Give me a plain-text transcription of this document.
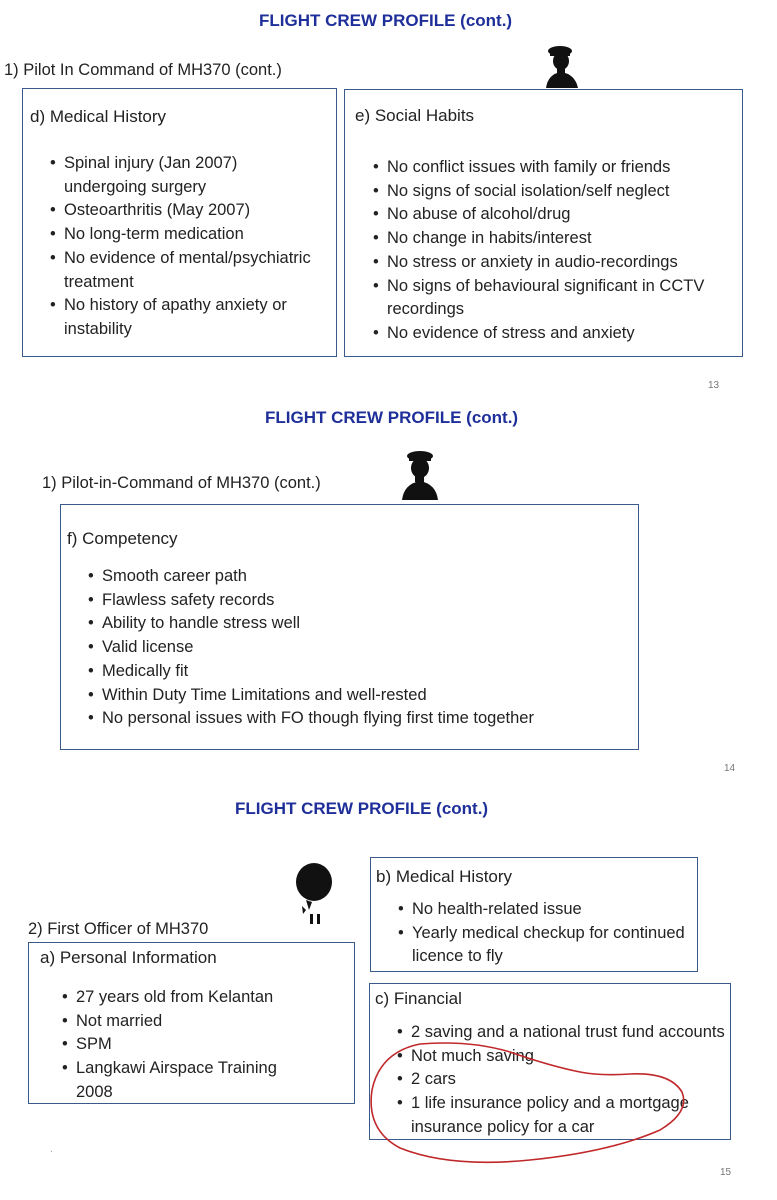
FLIGHT CREW PROFILE (cont.)
1) Pilot In Command of MH370 (cont.)
d) Medical History
• Spinal injury (Jan 2007) undergoing surgery
• Osteoarthritis (May 2007)
• No long-term medication
• No evidence of mental/psychiatric treatment
• No history of apathy anxiety or instability
e) Social Habits
• No conflict issues with family or friends
• No signs of social isolation/self neglect
• No abuse of alcohol/drug
• No change in habits/interest
• No stress or anxiety in audio-recordings
• No signs of behavioural significant in CCTV recordings
• No evidence of stress and anxiety
13
FLIGHT CREW PROFILE (cont.)
1) Pilot-in-Command of MH370 (cont.)
f) Competency
• Smooth career path
• Flawless safety records
• Ability to handle stress well
• Valid license
• Medically fit
• Within Duty Time Limitations and well-rested
• No personal issues with FO though flying first time together
14
FLIGHT CREW PROFILE (cont.)
2) First Officer of MH370
a) Personal Information
• 27 years old from Kelantan
• Not married
• SPM
• Langkawi Airspace Training 2008
b) Medical History
• No health-related issue
• Yearly medical checkup for continued licence to fly
c) Financial
• 2 saving and a national trust fund accounts
• Not much saving
• 2 cars
• 1 life insurance policy and a mortgage insurance policy for a car
15
.
